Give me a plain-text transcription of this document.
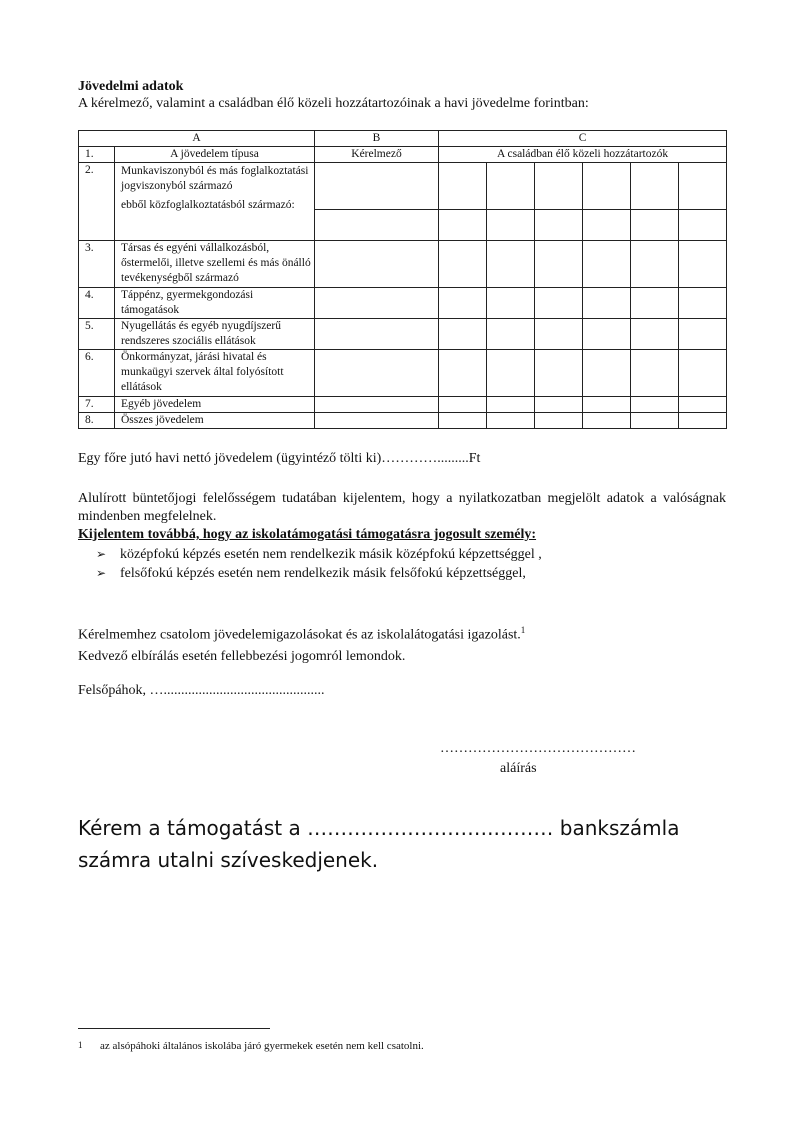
Jövedelmi adatok
A kérelmező, valamint a családban élő közeli hozzátartozóinak a havi jövedelme forintban:
A		B	C					
1.	A jövedelem típusa	Kérelmező	A családban élő közeli hozzátartozók					
2.	Munkaviszonyból és más foglalkoztatási jogviszonyból származó
ebből közfoglalkoztatásból származó:							

3.	Társas és egyéni vállalkozásból, őstermelői, illetve szellemi és más önálló tevékenységből származó							
4.	Táppénz, gyermekgondozási támogatások							
5.	Nyugellátás és egyéb nyugdíjszerű rendszeres szociális ellátások							
6.	Önkormányzat, járási hivatal és munkaügyi szervek által folyósított ellátások							
7.	Egyéb jövedelem							
8.	Összes jövedelem							
Egy főre jutó havi nettó jövedelem (ügyintéző tölti ki)………….........Ft
Alulírott büntetőjogi felelősségem tudatában kijelentem, hogy a nyilatkozatban megjelölt adatok a valóságnak mindenben megfelelnek.
Kijelentem továbbá, hogy az iskolatámogatási támogatásra jogosult személy:
➢ középfokú képzés esetén nem rendelkezik másik középfokú képzettséggel ,
➢ felsőfokú képzés esetén nem rendelkezik másik felsőfokú képzettséggel,
Kérelmemhez csatolom jövedelemigazolásokat és az iskolalátogatási igazolást.$^1$
Kedvező elbírálás esetén fellebbezési jogomról lemondok.
Felsőpáhok, …..............................................
……………………………………
aláírás
Kérem a támogatást a ……………………….……… bankszámla számra utalni szíveskedjenek.
1 az alsópáhoki általános iskolába járó gyermekek esetén nem kell csatolni.
